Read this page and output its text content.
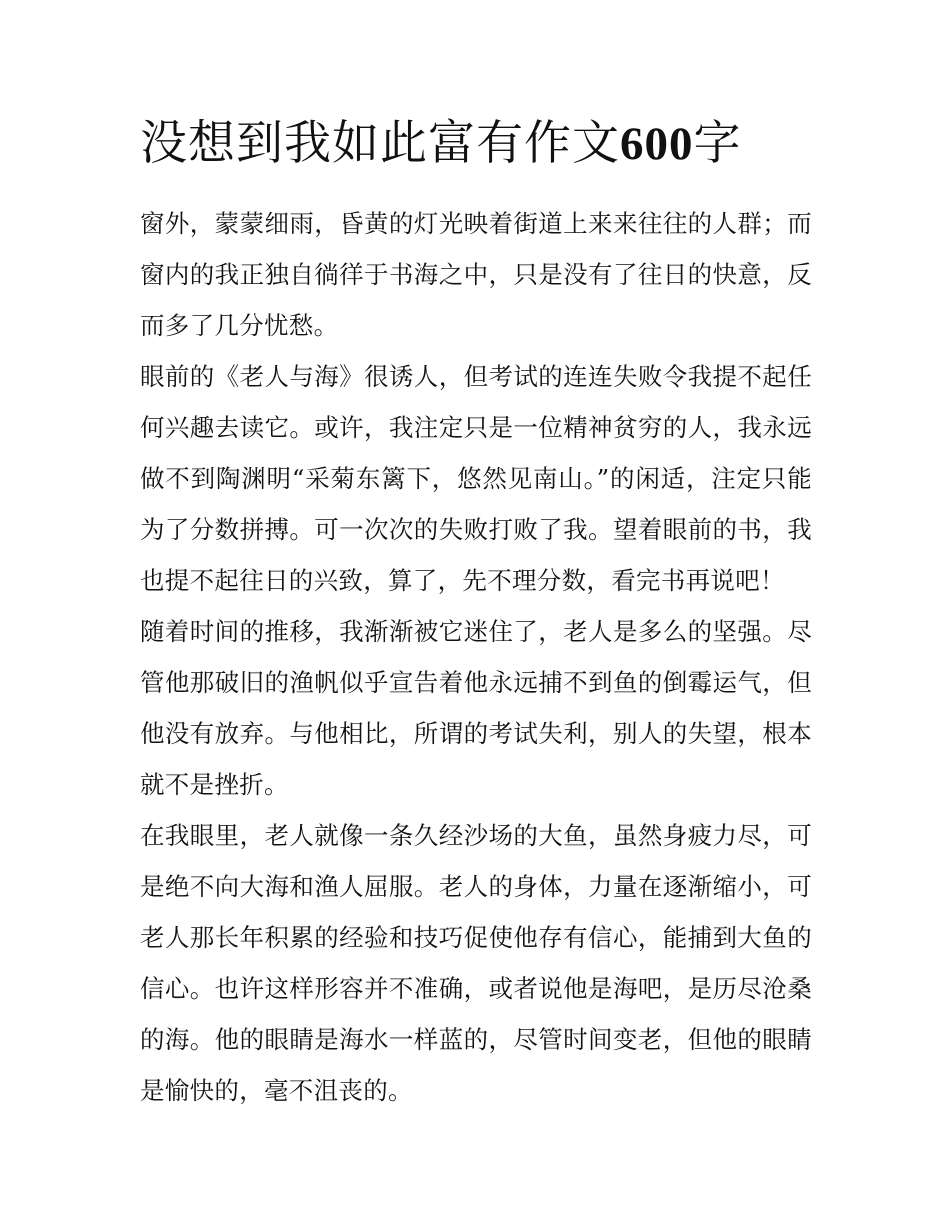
没想到我如此富有作文600字

窗外，蒙蒙细雨，昏黄的灯光映着街道上来来往往的人群；而窗内的我正独自徜徉于书海之中，只是没有了往日的快意，反而多了几分忧愁。

眼前的《老人与海》很诱人，但考试的连连失败令我提不起任何兴趣去读它。或许，我注定只是一位精神贫穷的人，我永远做不到陶渊明“采菊东篱下，悠然见南山。”的闲适，注定只能为了分数拼搏。可一次次的失败打败了我。望着眼前的书，我也提不起往日的兴致，算了，先不理分数，看完书再说吧！

随着时间的推移，我渐渐被它迷住了，老人是多么的坚强。尽管他那破旧的渔帆似乎宣告着他永远捕不到鱼的倒霉运气，但他没有放弃。与他相比，所谓的考试失利，别人的失望，根本就不是挫折。

在我眼里，老人就像一条久经沙场的大鱼，虽然身疲力尽，可是绝不向大海和渔人屈服。老人的身体，力量在逐渐缩小，可老人那长年积累的经验和技巧促使他存有信心，能捕到大鱼的信心。也许这样形容并不准确，或者说他是海吧，是历尽沧桑的海。他的眼睛是海水一样蓝的，尽管时间变老，但他的眼睛是愉快的，毫不沮丧的。
